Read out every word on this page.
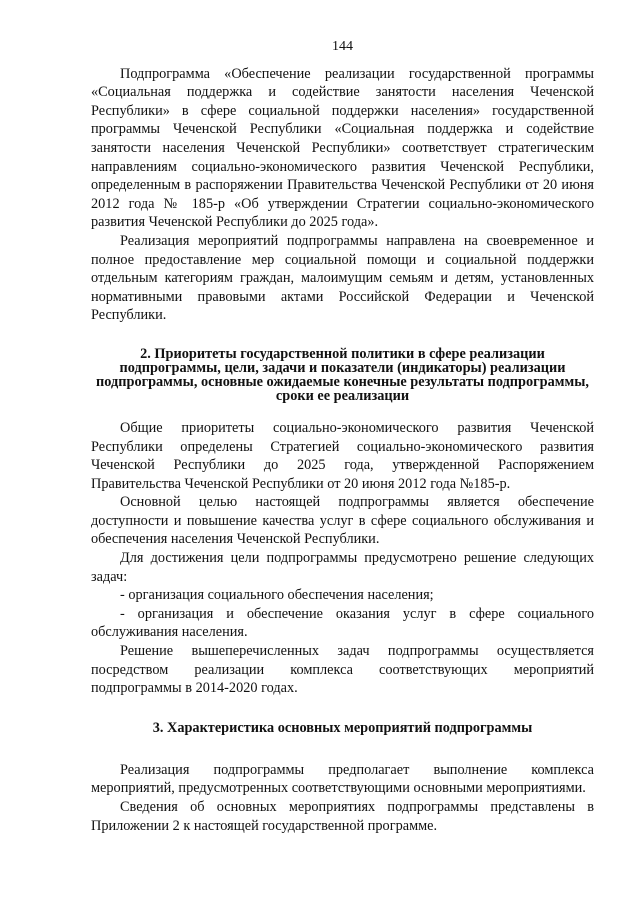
144

Подпрограмма «Обеспечение реализации государственной программы «Социальная поддержка и содействие занятости населения Чеченской Республики» в сфере социальной поддержки населения» государственной программы Чеченской Республики «Социальная поддержка и содействие занятости населения Чеченской Республики» соответствует стратегическим направлениям социально-экономического развития Чеченской Республики, определенным в распоряжении Правительства Чеченской Республики от 20 июня 2012 года № 185-р «Об утверждении Стратегии социально-экономического развития Чеченской Республики до 2025 года».

Реализация мероприятий подпрограммы направлена на своевременное и полное предоставление мер социальной помощи и социальной поддержки отдельным категориям граждан, малоимущим семьям и детям, установленных нормативными правовыми актами Российской Федерации и Чеченской Республики.

2. Приоритеты государственной политики в сфере реализации подпрограммы, цели, задачи и показатели (индикаторы) реализации подпрограммы, основные ожидаемые конечные результаты подпрограммы, сроки ее реализации

Общие приоритеты социально-экономического развития Чеченской Республики определены Стратегией социально-экономического развития Чеченской Республики до 2025 года, утвержденной Распоряжением Правительства Чеченской Республики от 20 июня 2012 года №185-р.

Основной целью настоящей подпрограммы является обеспечение доступности и повышение качества услуг в сфере социального обслуживания и обеспечения населения Чеченской Республики.

Для достижения цели подпрограммы предусмотрено решение следующих задач:

- организация социального обеспечения населения;
- организация и обеспечение оказания услуг в сфере социального обслуживания населения.

Решение вышеперечисленных задач подпрограммы осуществляется посредством реализации комплекса соответствующих мероприятий подпрограммы в 2014-2020 годах.

3. Характеристика основных мероприятий подпрограммы

Реализация подпрограммы предполагает выполнение комплекса мероприятий, предусмотренных соответствующими основными мероприятиями.

Сведения об основных мероприятиях подпрограммы представлены в Приложении 2 к настоящей государственной программе.
